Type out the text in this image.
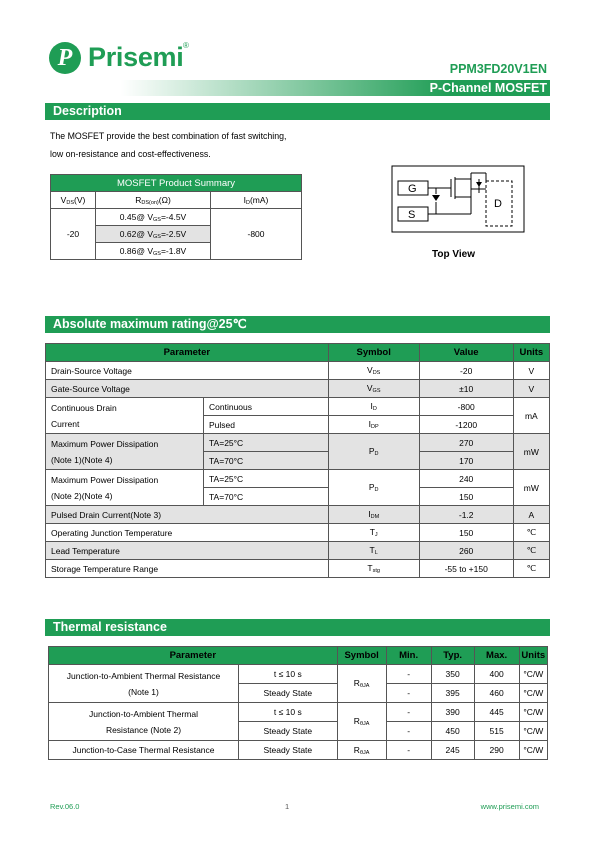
P Prisemi ®
PPM3FD20V1EN
P-Channel MOSFET
Description
The MOSFET provide the best combination of fast switching,
low on-resistance and cost-effectiveness.
MOSFET Product Summary		
$V_{DS}(V)$	$R_{DS(on)}(\Omega)$	$I_D(mA)$
-20	0.45@ $V_{GS}=-4.5V$	-800
	0.62@ $V_{GS}=-2.5V$	
	0.86@ $V_{GS}=-1.8V$	
G
S
D
Top View
Absolute maximum rating@25℃
Parameter		Symbol	Value	Units
Drain-Source Voltage		$V_{DS}$	-20	V
Gate-Source Voltage		$V_{GS}$	±10	V

Continuous Drain
Current	Continuous	$I_D$	-800	mA
	Pulsed	$I_{DP}$	-1200	

Maximum Power Dissipation
(Note 1)(Note 4)	TA=25°C	$P_D$	270	mW
	TA=70°C		170	

Maximum Power Dissipation
(Note 2)(Note 4)	TA=25°C	$P_D$	240	mW
	TA=70°C		150	
Pulsed Drain Current(Note 3)		$I_{DM}$	-1.2	A
Operating Junction Temperature		$T_J$	150	℃
Lead Temperature		$T_L$	260	℃
Storage Temperature Range		$T_{stg}$	-55 to +150	℃
Thermal resistance
Parameter		Symbol	Min.	Typ.	Max.	Units

Junction-to-Ambient Thermal Resistance
(Note 1)	t ≤ 10 s	$R_{\theta JA}$	-	350	400	°C/W
	Steady State		-	395	460	°C/W

Junction-to-Ambient Thermal
Resistance (Note 2)	t ≤ 10 s	$R_{\theta JA}$	-	390	445	°C/W
	Steady State		-	450	515	°C/W
Junction-to-Case Thermal Resistance	Steady State	$R_{\theta JA}$	-	245	290	°C/W
Rev.06.0	1	www.prisemi.com
